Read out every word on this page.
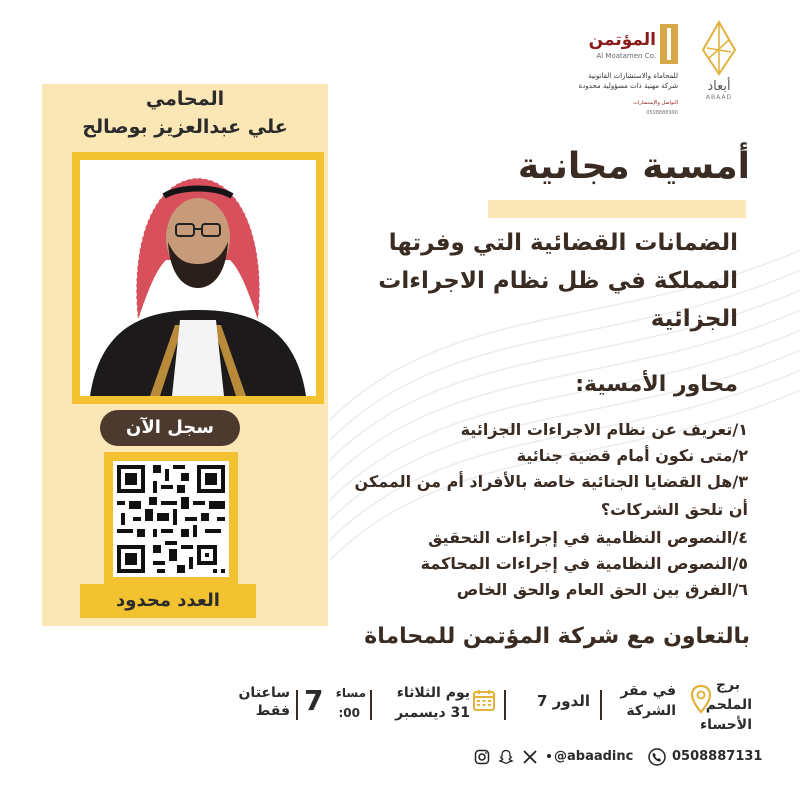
أبعاد
ABAAD
المؤتمن
Al Moatamen Co.
للمحاماة والاستشارات القانونية
شركة مهنية ذات مسؤولية محدودة
التواصل والإستشارات
0508888990
المحامي
علي عبدالعزيز بوصالح
سجل الآن
العدد محدود
أمسية مجانية
الضمانات القضائية التي وفرتها
المملكة في ظل نظام الاجراءات
الجزائية
محاور الأمسية:
١/تعريف عن نظام الاجراءات الجزائية
٢/متى نكون أمام قضية جنائية
٣/هل القضايا الجنائية خاصة بالأفراد أم من الممكن
أن تلحق الشركات؟
٤/النصوص النظامية في إجراءات التحقيق
٥/النصوص النظامية في إجراءات المحاكمة
٦/الفرق بين الحق العام والحق الخاص
بالتعاون مع شركة المؤتمن للمحاماة
برج
الملحم
الأحساء
في مقر
الشركة
الدور 7
يوم الثلاثاء
31 ديسمبر
مساء
:00
7
ساعتان
فقط
0508887131
@abaadinc
